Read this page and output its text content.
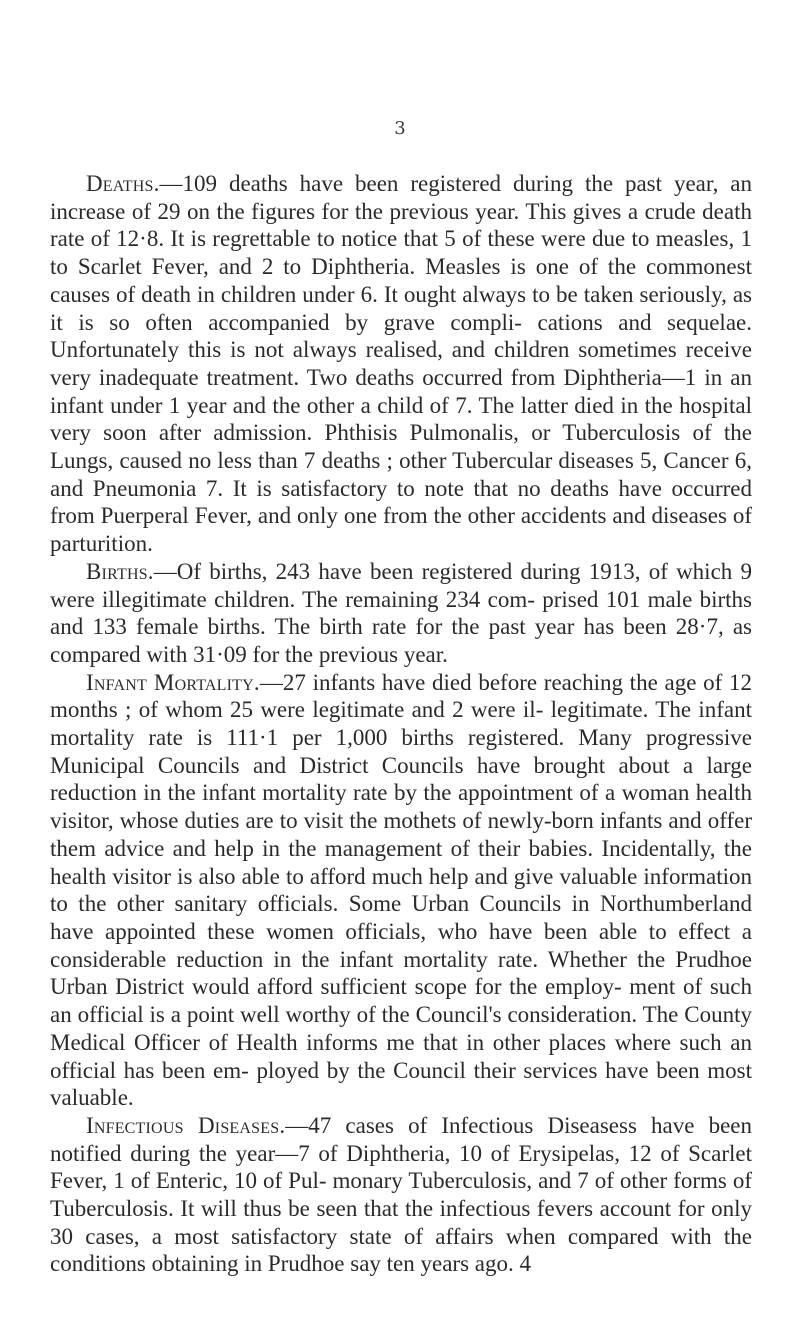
3

Deaths.—109 deaths have been registered during the past year, an increase of 29 on the figures for the previous year. This gives a crude death rate of 12·8. It is regrettable to notice that 5 of these were due to measles, 1 to Scarlet Fever, and 2 to Diphtheria. Measles is one of the commonest causes of death in children under 6. It ought always to be taken seriously, as it is so often accompanied by grave compli- cations and sequelae. Unfortunately this is not always realised, and children sometimes receive very inadequate treatment. Two deaths occurred from Diphtheria—1 in an infant under 1 year and the other a child of 7. The latter died in the hospital very soon after admission. Phthisis Pulmonalis, or Tuberculosis of the Lungs, caused no less than 7 deaths ; other Tubercular diseases 5, Cancer 6, and Pneumonia 7. It is satisfactory to note that no deaths have occurred from Puerperal Fever, and only one from the other accidents and diseases of parturition.

Births.—Of births, 243 have been registered during 1913, of which 9 were illegitimate children. The remaining 234 com- prised 101 male births and 133 female births. The birth rate for the past year has been 28·7, as compared with 31·09 for the previous year.

Infant Mortality.—27 infants have died before reaching the age of 12 months ; of whom 25 were legitimate and 2 were il- legitimate. The infant mortality rate is 111·1 per 1,000 births registered. Many progressive Municipal Councils and District Councils have brought about a large reduction in the infant mortality rate by the appointment of a woman health visitor, whose duties are to visit the mothets of newly-born infants and offer them advice and help in the management of their babies. Incidentally, the health visitor is also able to afford much help and give valuable information to the other sanitary officials. Some Urban Councils in Northumberland have appointed these women officials, who have been able to effect a considerable reduction in the infant mortality rate. Whether the Prudhoe Urban District would afford sufficient scope for the employ- ment of such an official is a point well worthy of the Council's consideration. The County Medical Officer of Health informs me that in other places where such an official has been em- ployed by the Council their services have been most valuable.

Infectious Diseases.—47 cases of Infectious Diseasess have been notified during the year—7 of Diphtheria, 10 of Erysipelas, 12 of Scarlet Fever, 1 of Enteric, 10 of Pul- monary Tuberculosis, and 7 of other forms of Tuberculosis. It will thus be seen that the infectious fevers account for only 30 cases, a most satisfactory state of affairs when compared with the conditions obtaining in Prudhoe say ten years ago. 4
